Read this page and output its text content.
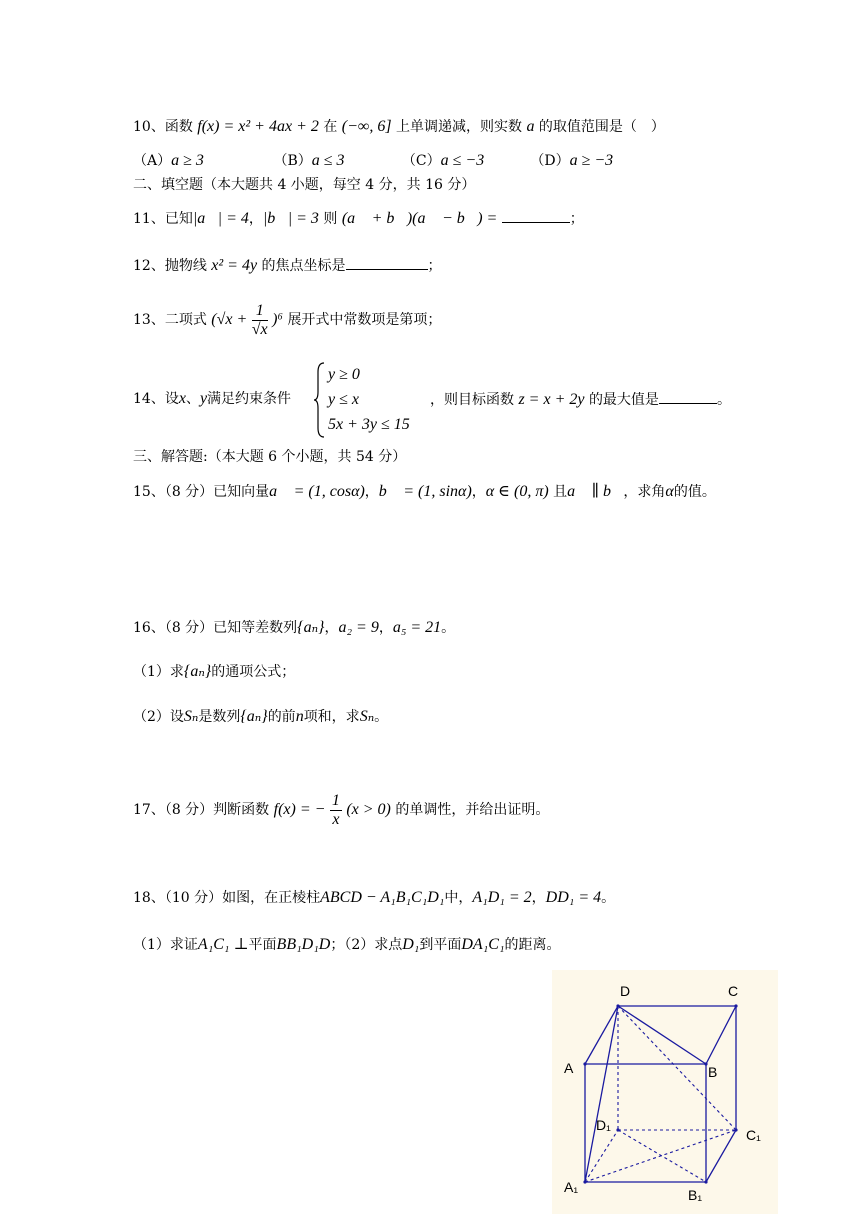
10、函数 f(x) = x² + 4ax + 2 在 (−∞, 6] 上单调递减，则实数 a 的取值范围是（　）
（A）a ≥ 3	（B）a ≤ 3	（C）a ≤ −3	（D）a ≥ −3
二、填空题（本大题共 4 小题，每空 4 分，共 16 分）
11、已知|a⃗| = 4，|b⃗| = 3 则 (a⃗ + b⃗)(a⃗ − b⃗) =	；
12、抛物线 x² = 4y 的焦点坐标是	；
13、二项式 $(√x + \frac{1}{√x} )^6$ 展开式中常数项是第项；
14、设x、y满足约束条件
y ≥ 0
y ≤ x
5x + 3y ≤ 15
，则目标函数 z = x + 2y 的最大值是	。
三、解答题:（本大题 6 个小题，共 54 分）
15、（8 分）已知向量a⃗ = (1, cosα)，b⃗ = (1, sinα)，α ∈ (0, π) 且a⃗ ∥ b⃗，求角α的值。
16、（8 分）已知等差数列{aₙ}，a₂ = 9，a₅ = 21。
（1）求{aₙ}的通项公式；
（2）设Sₙ是数列{aₙ}的前n项和，求Sₙ。
17、（8 分）判断函数 f(x) = − $\frac{1}{x} (x > 0)$ 的单调性，并给出证明。
18、（10 分）如图，在正棱柱ABCD − A₁B₁C₁D₁中，A₁D₁ = 2，DD₁ = 4。
（1）求证A₁C₁ ⊥平面BB₁D₁D；（2）求点D₁到平面DA₁C₁的距离。
D	C
A	B
D₁
C₁
A₁	B₁
